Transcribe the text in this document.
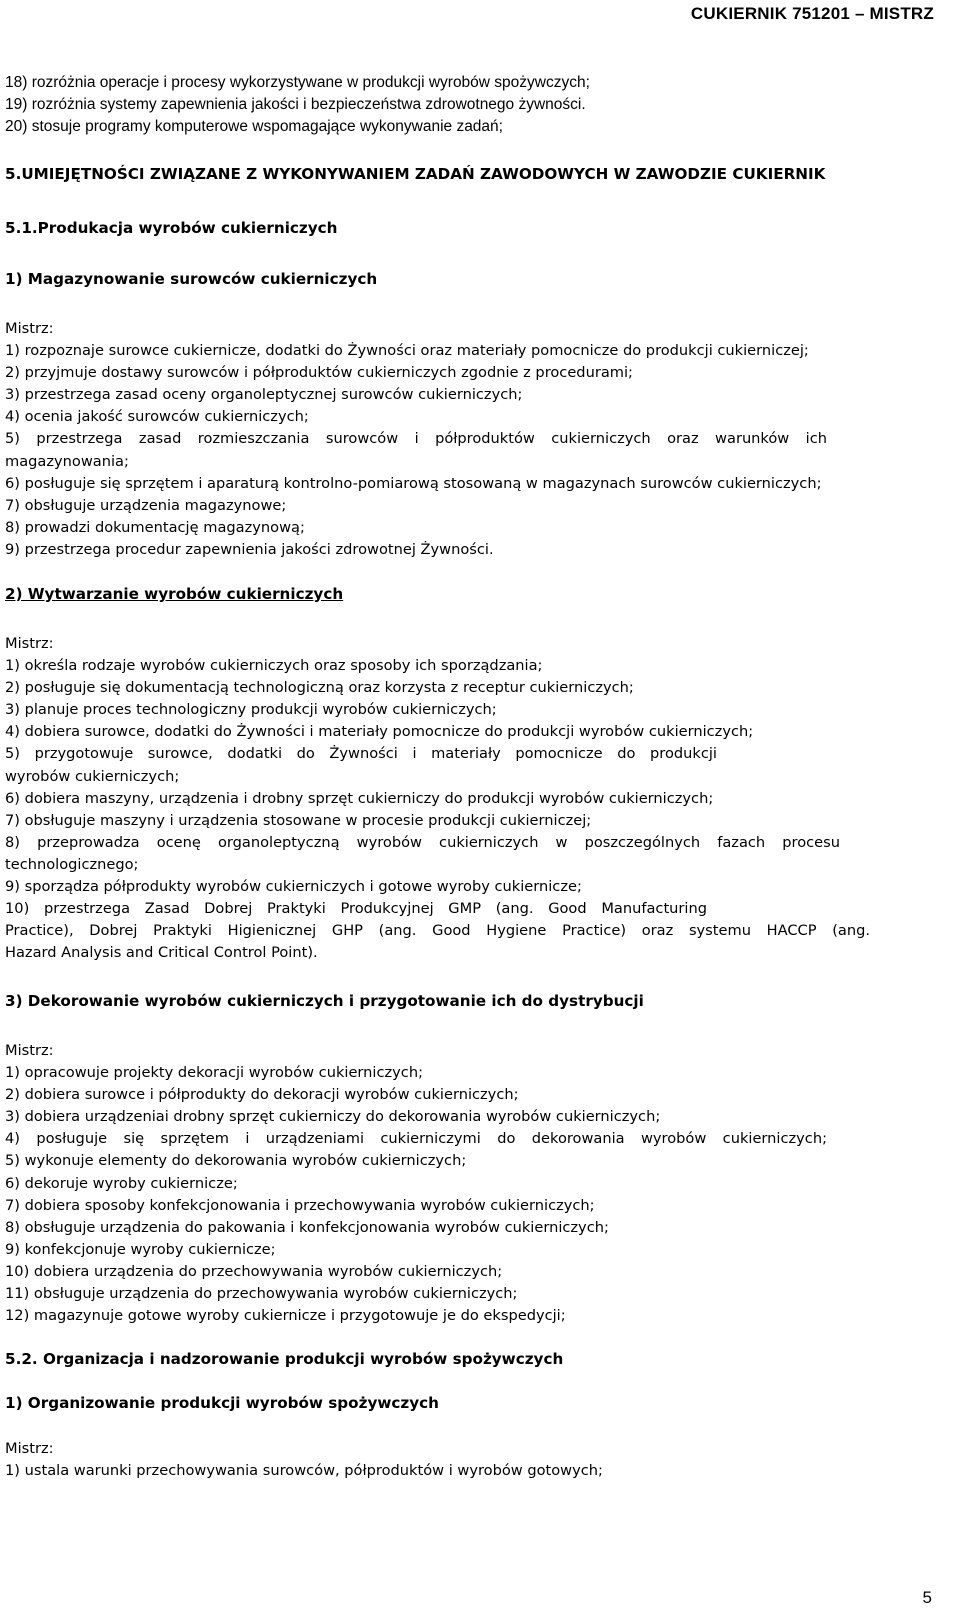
CUKIERNIK 751201 – MISTRZ
18) rozróżnia operacje i procesy wykorzystywane w produkcji wyrobów spożywczych;
19) rozróżnia systemy zapewnienia jakości i bezpieczeństwa zdrowotnego żywności.
20) stosuje programy komputerowe wspomagające wykonywanie zadań;
5.UMIEJĘTNOŚCI ZWIĄZANE Z WYKONYWANIEM ZADAŃ ZAWODOWYCH W ZAWODZIE CUKIERNIK
5.1.Produkacja wyrobów cukierniczych
1) Magazynowanie surowców cukierniczych
Mistrz:
1) rozpoznaje surowce cukiernicze, dodatki do Żywności oraz materiały pomocnicze do produkcji cukierniczej;
2) przyjmuje dostawy surowców i półproduktów cukierniczych zgodnie z procedurami;
3) przestrzega zasad oceny organoleptycznej surowców cukierniczych;
4) ocenia jakość surowców cukierniczych;
5) przestrzega zasad rozmieszczania surowców i półproduktów cukierniczych oraz warunków ich
magazynowania;
6) posługuje się sprzętem i aparaturą kontrolno-pomiarową stosowaną w magazynach surowców cukierniczych;
7) obsługuje urządzenia magazynowe;
8) prowadzi dokumentację magazynową;
9) przestrzega procedur zapewnienia jakości zdrowotnej Żywności.
2) Wytwarzanie wyrobów cukierniczych
Mistrz:
1) określa rodzaje wyrobów cukierniczych oraz sposoby ich sporządzania;
2) posługuje się dokumentacją technologiczną oraz korzysta z receptur cukierniczych;
3) planuje proces technologiczny produkcji wyrobów cukierniczych;
4) dobiera surowce, dodatki do Żywności i materiały pomocnicze do produkcji wyrobów cukierniczych;
5) przygotowuje surowce, dodatki do Żywności i materiały pomocnicze do produkcji
wyrobów cukierniczych;
6) dobiera maszyny, urządzenia i drobny sprzęt cukierniczy do produkcji wyrobów cukierniczych;
7) obsługuje maszyny i urządzenia stosowane w procesie produkcji cukierniczej;
8) przeprowadza ocenę organoleptyczną wyrobów cukierniczych w poszczególnych fazach procesu
technologicznego;
9) sporządza półprodukty wyrobów cukierniczych i gotowe wyroby cukiernicze;
10) przestrzega Zasad Dobrej Praktyki Produkcyjnej GMP (ang. Good Manufacturing
Practice), Dobrej Praktyki Higienicznej GHP (ang. Good Hygiene Practice) oraz systemu HACCP (ang.
Hazard Analysis and Critical Control Point).
3) Dekorowanie wyrobów cukierniczych i przygotowanie ich do dystrybucji
Mistrz:
1) opracowuje projekty dekoracji wyrobów cukierniczych;
2) dobiera surowce i półprodukty do dekoracji wyrobów cukierniczych;
3) dobiera urządzeniai drobny sprzęt cukierniczy do dekorowania wyrobów cukierniczych;
4) posługuje się sprzętem i urządzeniami cukierniczymi do dekorowania wyrobów cukierniczych;
5) wykonuje elementy do dekorowania wyrobów cukierniczych;
6) dekoruje wyroby cukiernicze;
7) dobiera sposoby konfekcjonowania i przechowywania wyrobów cukierniczych;
8) obsługuje urządzenia do pakowania i konfekcjonowania wyrobów cukierniczych;
9) konfekcjonuje wyroby cukiernicze;
10) dobiera urządzenia do przechowywania wyrobów cukierniczych;
11) obsługuje urządzenia do przechowywania wyrobów cukierniczych;
12) magazynuje gotowe wyroby cukiernicze i przygotowuje je do ekspedycji;
5.2. Organizacja i nadzorowanie produkcji wyrobów spożywczych
1) Organizowanie produkcji wyrobów spożywczych
Mistrz:
1) ustala warunki przechowywania surowców, półproduktów i wyrobów gotowych;
5
